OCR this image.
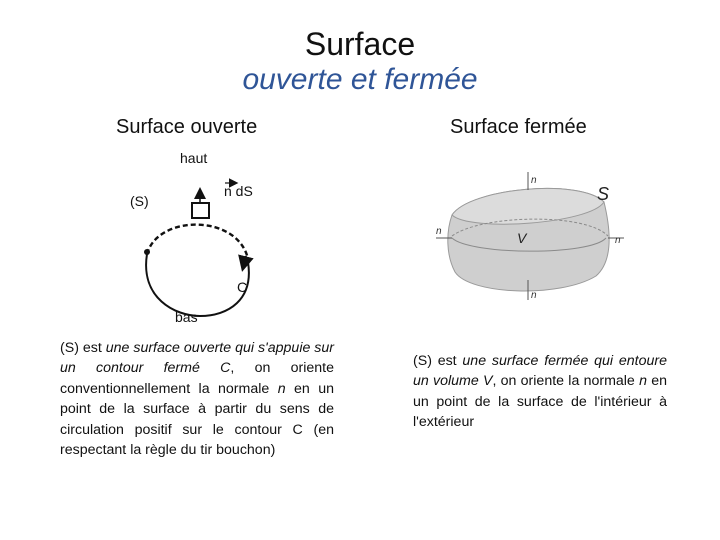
Surface
ouverte et fermée
Surface ouverte	Surface fermée
haut
(S)
n dS
C
bas
n
n
n
n
S
V
(S) est une surface ouverte qui s'appuie sur un contour fermé C, on oriente conventionnellement la normale n en un point de la surface à partir du sens de circulation positif sur le contour C (en respectant la règle du tir bouchon)
(S) est une surface fermée qui entoure un volume V, on oriente la normale n en un point de la surface de l'intérieur à l'extérieur
